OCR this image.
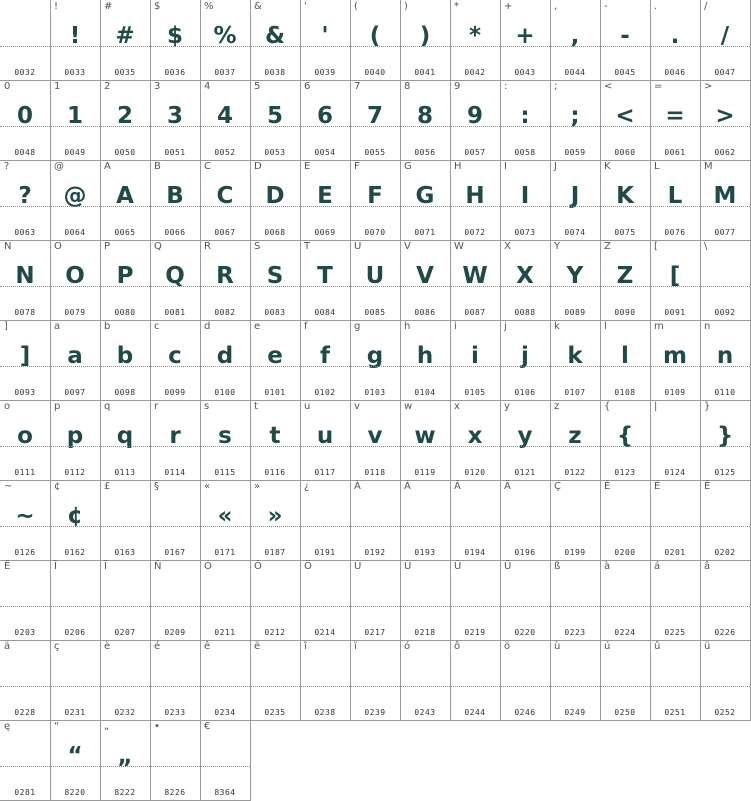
0032
!
!
0033
#
#
0035
$
$
0036
%
%
0037
&
&
0038
'
'
0039
(
(
0040
)
)
0041
*
*
0042
+
+
0043
,
,
0044
-
-
0045
.
.
0046
/
/
0047
0
0
0048
1
1
0049
2
2
0050
3
3
0051
4
4
0052
5
5
0053
6
6
0054
7
7
0055
8
8
0056
9
9
0057
:
:
0058
;
;
0059
<
<
0060
=
=
0061
>
>
0062
?
?
0063
@
@
0064
A
A
0065
B
B
0066
C
C
0067
D
D
0068
E
E
0069
F
F
0070
G
G
0071
H
H
0072
I
I
0073
J
J
0074
K
K
0075
L
L
0076
M
M
0077
N
N
0078
O
O
0079
P
P
0080
Q
Q
0081
R
R
0082
S
S
0083
T
T
0084
U
U
0085
V
V
0086
W
W
0087
X
X
0088
Y
Y
0089
Z
Z
0090
[
[
0091
\
0092
]
]
0093
a
a
0097
b
b
0098
c
c
0099
d
d
0100
e
e
0101
f
f
0102
g
g
0103
h
h
0104
i
i
0105
j
j
0106
k
k
0107
l
l
0108
m
m
0109
n
n
0110
o
o
0111
p
p
0112
q
q
0113
r
r
0114
s
s
0115
t
t
0116
u
u
0117
v
v
0118
w
w
0119
x
x
0120
y
y
0121
z
z
0122
{
{
0123
|
0124
}
}
0125
~
~
0126
¢
¢
0162
£
0163
§
0167
«
«
0171
»
»
0187
¿
0191
À
0192
Á
0193
Â
0194
Ä
0196
Ç
0199
È
0200
É
0201
Ê
0202
Ë
0203
Î
0206
Ï
0207
Ñ
0209
Ó
0211
Ô
0212
Ö
0214
Ù
0217
Ú
0218
Û
0219
Ü
0220
ß
0223
à
0224
á
0225
â
0226
ä
0228
ç
0231
è
0232
é
0233
ê
0234
ë
0235
î
0238
ï
0239
ó
0243
ô
0244
ö
0246
ù
0249
ú
0250
û
0251
ü
0252
ę
0281
“
“
8220
„
„
8222
•
8226
€
8364
